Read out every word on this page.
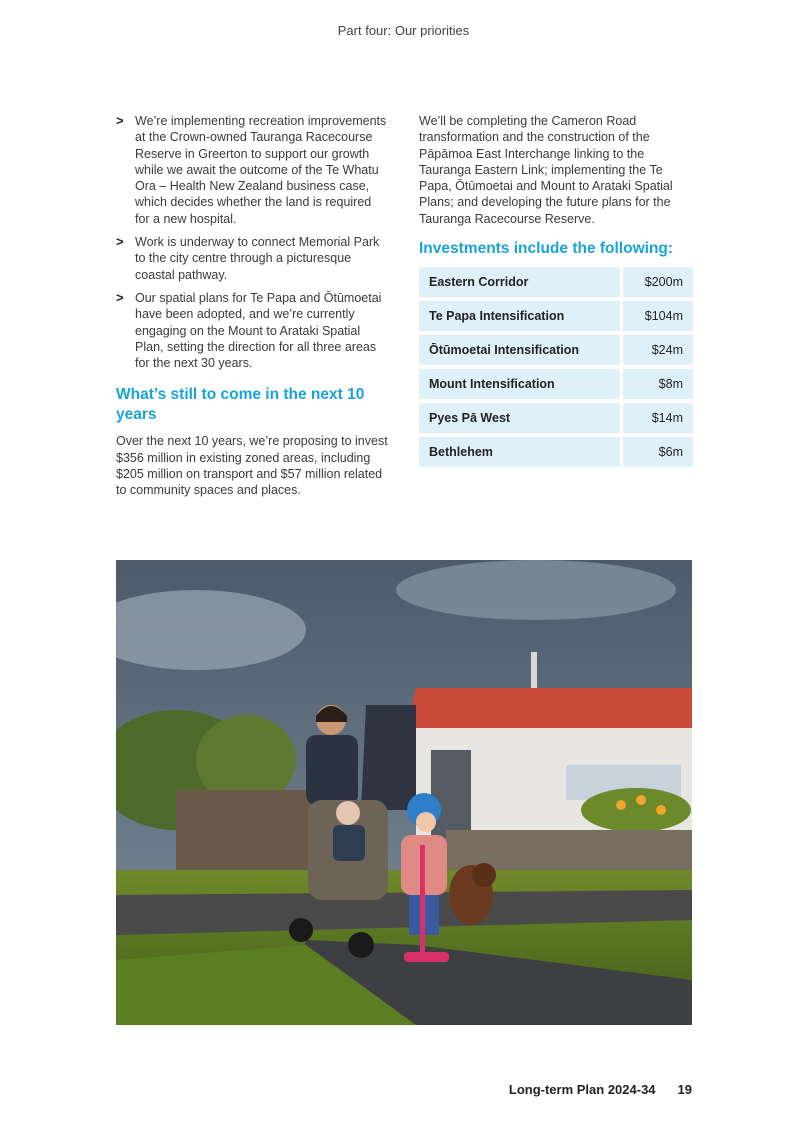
Part four: Our priorities
> We’re implementing recreation improvements at the Crown-owned Tauranga Racecourse Reserve in Greerton to support our growth while we await the outcome of the Te Whatu Ora – Health New Zealand business case, which decides whether the land is required for a new hospital.
> Work is underway to connect Memorial Park to the city centre through a picturesque coastal pathway.
> Our spatial plans for Te Papa and Ōtūmoetai have been adopted, and we’re currently engaging on the Mount to Arataki Spatial Plan, setting the direction for all three areas for the next 30 years.
What’s still to come in the next 10 years

Over the next 10 years, we’re proposing to invest $356 million in existing zoned areas, including $205 million on transport and $57 million related to community spaces and places.

We’ll be completing the Cameron Road transformation and the construction of the Pāpāmoa East Interchange linking to the Tauranga Eastern Link; implementing the Te Papa, Ōtūmoetai and Mount to Arataki Spatial Plans; and developing the future plans for the Tauranga Racecourse Reserve.

Investments include the following:
Eastern Corridor	$200m
Te Papa Intensification	$104m
Ōtūmoetai Intensification	$24m
Mount Intensification	$8m
Pyes Pā West	$14m
Bethlehem	$6m
Long-term Plan 2024-34 19
